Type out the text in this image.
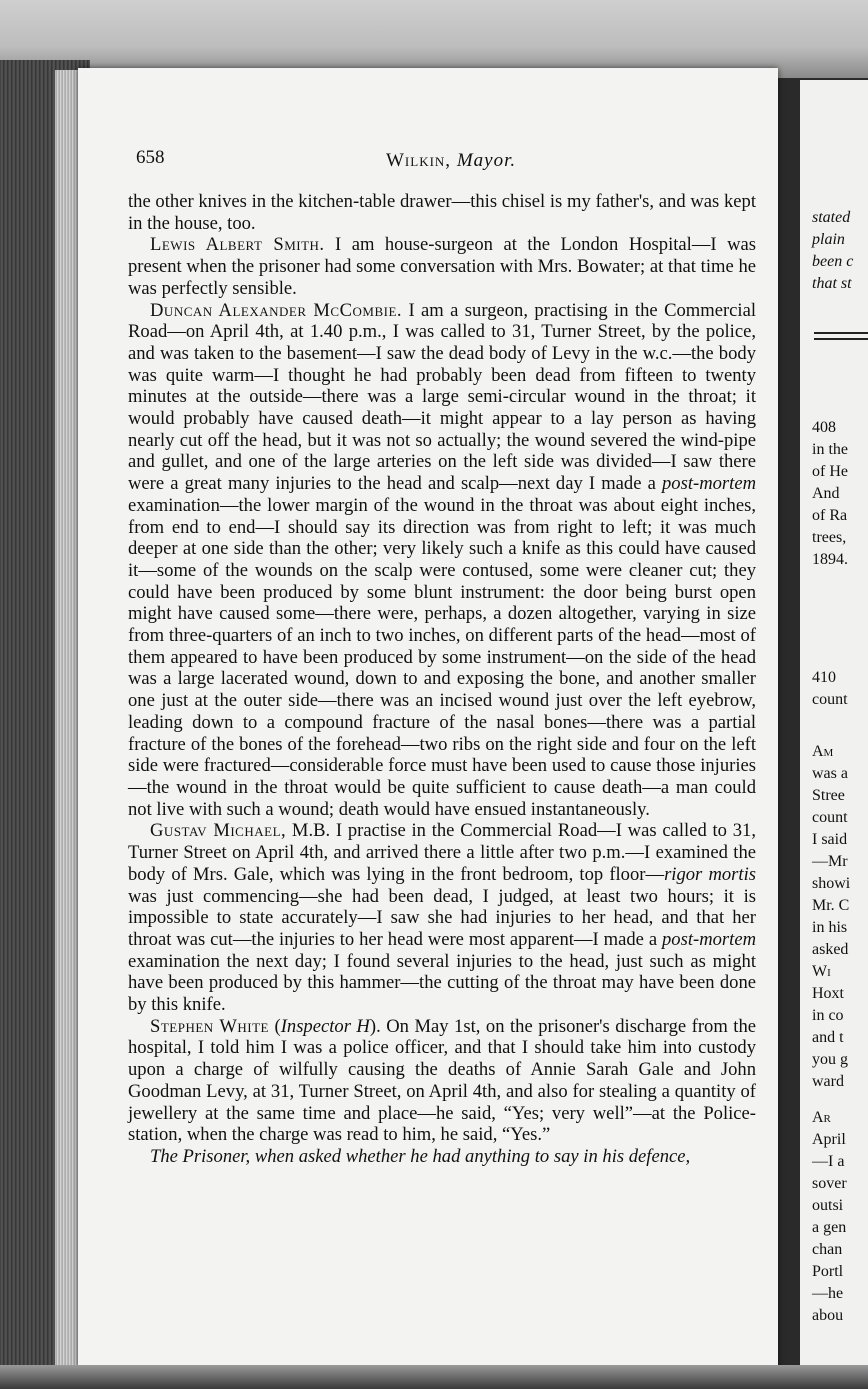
658	Wilkin, Mayor.

the other knives in the kitchen-table drawer—this chisel is my father's, and was kept in the house, too.

Lewis Albert Smith. I am house-surgeon at the London Hospital—I was present when the prisoner had some conversation with Mrs. Bowater; at that time he was perfectly sensible.

Duncan Alexander McCombie. I am a surgeon, practising in the Commercial Road—on April 4th, at 1.40 p.m., I was called to 31, Turner Street, by the police, and was taken to the basement—I saw the dead body of Levy in the w.c.—the body was quite warm—I thought he had probably been dead from fifteen to twenty minutes at the outside—there was a large semi-circular wound in the throat; it would probably have caused death—it might appear to a lay person as having nearly cut off the head, but it was not so actually; the wound severed the wind-pipe and gullet, and one of the large arteries on the left side was divided—I saw there were a great many injuries to the head and scalp—next day I made a post-mortem examination—the lower margin of the wound in the throat was about eight inches, from end to end—I should say its direction was from right to left; it was much deeper at one side than the other; very likely such a knife as this could have caused it—some of the wounds on the scalp were contused, some were cleaner cut; they could have been produced by some blunt instrument: the door being burst open might have caused some—there were, perhaps, a dozen altogether, varying in size from three-quarters of an inch to two inches, on different parts of the head—most of them appeared to have been produced by some instrument—on the side of the head was a large lacerated wound, down to and exposing the bone, and another smaller one just at the outer side—there was an incised wound just over the left eyebrow, leading down to a compound fracture of the nasal bones—there was a partial fracture of the bones of the forehead—two ribs on the right side and four on the left side were fractured—considerable force must have been used to cause those injuries—the wound in the throat would be quite sufficient to cause death—a man could not live with such a wound; death would have ensued instantaneously.

Gustav Michael, M.B. I practise in the Commercial Road—I was called to 31, Turner Street on April 4th, and arrived there a little after two p.m.—I examined the body of Mrs. Gale, which was lying in the front bedroom, top floor—rigor mortis was just commencing—she had been dead, I judged, at least two hours; it is impossible to state accurately—I saw she had injuries to her head, and that her throat was cut—the injuries to her head were most apparent—I made a post-mortem examination the next day; I found several injuries to the head, just such as might have been produced by this hammer—the cutting of the throat may have been done by this knife.

Stephen White (Inspector H). On May 1st, on the prisoner's discharge from the hospital, I told him I was a police officer, and that I should take him into custody upon a charge of wilfully causing the deaths of Annie Sarah Gale and John Goodman Levy, at 31, Turner Street, on April 4th, and also for stealing a quantity of jewellery at the same time and place—he said, “Yes; very well”—at the Police-station, when the charge was read to him, he said, “Yes.”

The Prisoner, when asked whether he had anything to say in his defence,

stated
plain
been c
that st
408
in the
of He
And
of Ra
trees,
1894.
410
count
Am
was a
Stree
count
I said
—Mr
showi
Mr. C
in his
asked
Wi
Hoxt
in co
and t
you g
ward
Ar
April
—I a
sover
outsi
a gen
chan
Portl
—he
abou
